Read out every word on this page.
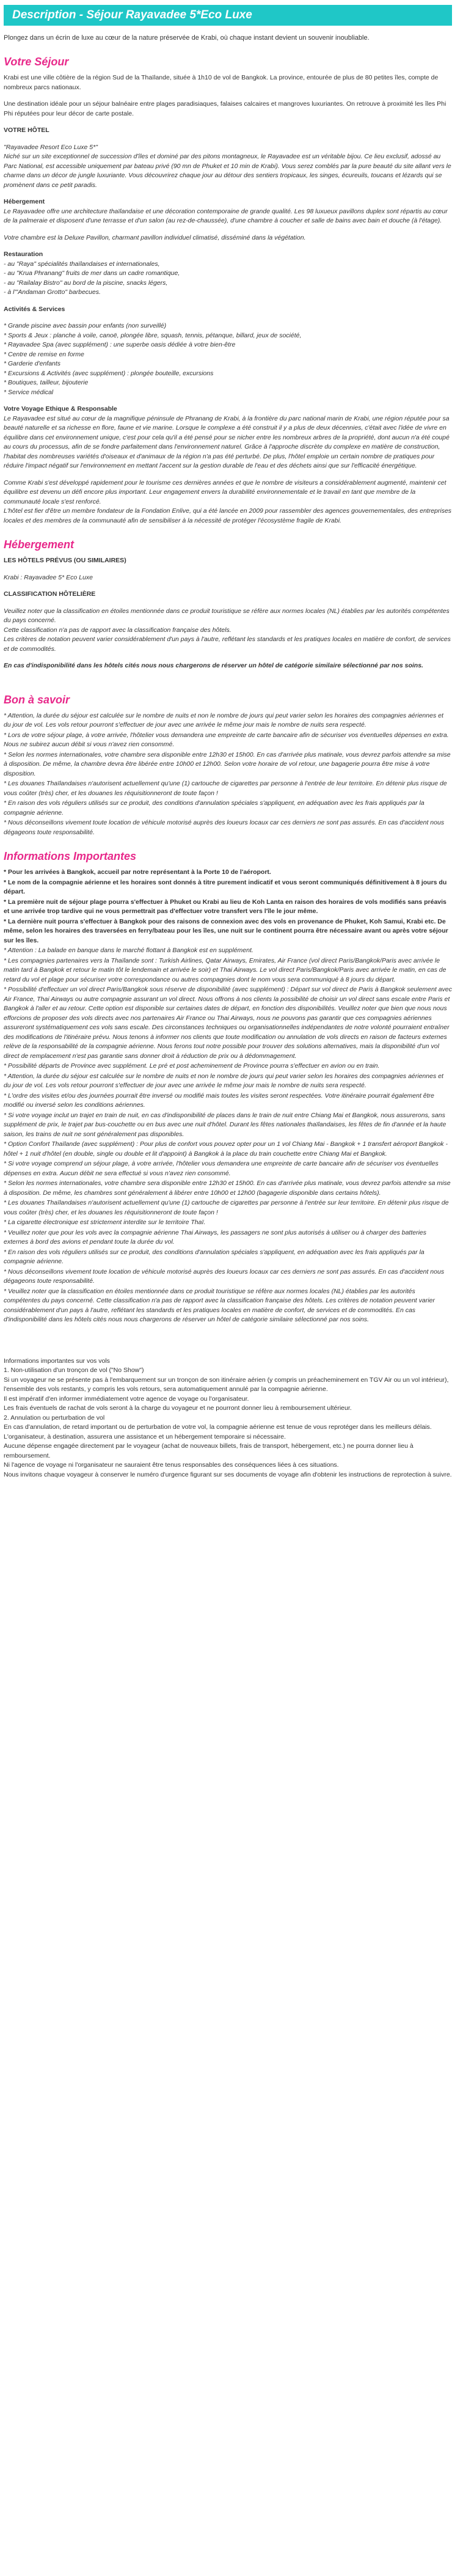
Description - Séjour Rayavadee 5*Eco Luxe

Plongez dans un écrin de luxe au cœur de la nature préservée de Krabi, où chaque instant devient un souvenir inoubliable.

Votre Séjour

Krabi est une ville côtière de la région Sud de la Thaïlande, située à 1h10 de vol de Bangkok. La province, entourée de plus de 80 petites îles, compte de nombreux parcs nationaux.

Une destination idéale pour un séjour balnéaire entre plages paradisiaques, falaises calcaires et mangroves luxuriantes. On retrouve à proximité les îles Phi Phi réputées pour leur décor de carte postale.

VOTRE HÔTEL

"Rayavadee Resort Eco Luxe 5*"

Niché sur un site exceptionnel de succession d'îles et dominé par des pitons montagneux, le Rayavadee est un véritable bijou. Ce lieu exclusif, adossé au Parc National, est accessible uniquement par bateau privé (90 mn de Phuket et 10 min de Krabi). Vous serez comblés par la pure beauté du site allant vers le charme dans un décor de jungle luxuriante. Vous découvrirez chaque jour au détour des sentiers tropicaux, les singes, écureuils, toucans et lézards qui se promènent dans ce petit paradis.

Hébergement

Le Rayavadee offre une architecture thaïlandaise et une décoration contemporaine de grande qualité. Les 98 luxueux pavillons duplex sont répartis au cœur de la palmeraie et disposent d'une terrasse et d'un salon (au rez-de-chaussée), d'une chambre à coucher et salle de bains avec bain et douche (à l'étage).

Votre chambre est la Deluxe Pavillon, charmant pavillon individuel climatisé, disséminé dans la végétation.

Restauration

- au "Raya" spécialités thaïlandaises et internationales,
- au "Krua Phranang" fruits de mer dans un cadre romantique,
- au "Railalay Bistro" au bord de la piscine, snacks légers,
- à l'"Andaman Grotto" barbecues.

Activités & Services

* Grande piscine avec bassin pour enfants (non surveillé)
* Sports & Jeux : planche à voile, canoë, plongée libre, squash, tennis, pétanque, billard, jeux de société,
* Rayavadee Spa (avec supplément) : une superbe oasis dédiée à votre bien-être
* Centre de remise en forme
* Garderie d'enfants
* Excursions & Activités (avec supplément) : plongée bouteille, excursions
* Boutiques, tailleur, bijouterie
* Service médical

Votre Voyage Ethique & Responsable

Le Rayavadee est situé au cœur de la magnifique péninsule de Phranang de Krabi, à la frontière du parc national marin de Krabi, une région réputée pour sa beauté naturelle et sa richesse en flore, faune et vie marine. Lorsque le complexe a été construit il y a plus de deux décennies, c'était avec l'idée de vivre en équilibre dans cet environnement unique, c'est pour cela qu'il a été pensé pour se nicher entre les nombreux arbres de la propriété, dont aucun n'a été coupé au cours du processus, afin de se fondre parfaitement dans l'environnement naturel. Grâce à l'approche discrète du complexe en matière de construction, l'habitat des nombreuses variétés d'oiseaux et d'animaux de la région n'a pas été perturbé. De plus, l'hôtel emploie un certain nombre de pratiques pour réduire l'impact négatif sur l'environnement en mettant l'accent sur la gestion durable de l'eau et des déchets ainsi que sur l'efficacité énergétique.

Comme Krabi s'est développé rapidement pour le tourisme ces dernières années et que le nombre de visiteurs a considérablement augmenté, maintenir cet équilibre est devenu un défi encore plus important. Leur engagement envers la durabilité environnementale et le travail en tant que membre de la communauté locale s'est renforcé.

L'hôtel est fier d'être un membre fondateur de la Fondation Enlive, qui a été lancée en 2009 pour rassembler des agences gouvernementales, des entreprises locales et des membres de la communauté afin de sensibiliser à la nécessité de protéger l'écosystème fragile de Krabi.

Hébergement

LES HÔTELS PRÉVUS (OU SIMILAIRES)

Krabi : Rayavadee 5* Eco Luxe

CLASSIFICATION HÔTELIÈRE

Veuillez noter que la classification en étoiles mentionnée dans ce produit touristique se réfère aux normes locales (NL) établies par les autorités compétentes du pays concerné.

Cette classification n'a pas de rapport avec la classification française des hôtels.

Les critères de notation peuvent varier considérablement d'un pays à l'autre, reflétant les standards et les pratiques locales en matière de confort, de services et de commodités.

En cas d'indisponibilité dans les hôtels cités nous nous chargerons de réserver un hôtel de catégorie similaire sélectionné par nos soins.

Bon à savoir
* Attention, la durée du séjour est calculée sur le nombre de nuits et non le nombre de jours qui peut varier selon les horaires des compagnies aériennes et du jour de vol. Les vols retour pourront s'effectuer de jour avec une arrivée le même jour mais le nombre de nuits sera respecté.
* Lors de votre séjour plage, à votre arrivée, l'hôtelier vous demandera une empreinte de carte bancaire afin de sécuriser vos éventuelles dépenses en extra. Nous ne subirez aucun débit si vous n'avez rien consommé.
* Selon les normes internationales, votre chambre sera disponible entre 12h30 et 15h00. En cas d'arrivée plus matinale, vous devrez parfois attendre sa mise à disposition. De même, la chambre devra être libérée entre 10h00 et 12h00. Selon votre horaire de vol retour, une bagagerie pourra être mise à votre disposition.
* Les douanes Thaïlandaises n'autorisent actuellement qu'une (1) cartouche de cigarettes par personne à l'entrée de leur territoire. En détenir plus risque de vous coûter (très) cher, et les douanes les réquisitionneront de toute façon !
* En raison des vols réguliers utilisés sur ce produit, des conditions d'annulation spéciales s'appliquent, en adéquation avec les frais appliqués par la compagnie aérienne.
* Nous déconseillons vivement toute location de véhicule motorisé auprès des loueurs locaux car ces derniers ne sont pas assurés. En cas d'accident nous dégageons toute responsabilité.
Informations Importantes
* Pour les arrivées à Bangkok, accueil par notre représentant à la Porte 10 de l'aéroport.
* Le nom de la compagnie aérienne et les horaires sont donnés à titre purement indicatif et vous seront communiqués définitivement à 8 jours du départ.
* La première nuit de séjour plage pourra s'effectuer à Phuket ou Krabi au lieu de Koh Lanta en raison des horaires de vols modifiés sans préavis et une arrivée trop tardive qui ne vous permettrait pas d'effectuer votre transfert vers l'île le jour même.
* La dernière nuit pourra s'effectuer à Bangkok pour des raisons de connexion avec des vols en provenance de Phuket, Koh Samui, Krabi etc. De même, selon les horaires des traversées en ferry/bateau pour les îles, une nuit sur le continent pourra être nécessaire avant ou après votre séjour sur les îles.
* Attention : La balade en banque dans le marché flottant à Bangkok est en supplément.
* Les compagnies partenaires vers la Thaïlande sont : Turkish Airlines, Qatar Airways, Emirates, Air France (vol direct Paris/Bangkok/Paris avec arrivée le matin tard à Bangkok et retour le matin tôt le lendemain et arrivée le soir) et Thai Airways. Le vol direct Paris/Bangkok/Paris avec arrivée le matin, en cas de retard du vol et plage pour sécuriser votre correspondance ou autres compagnies dont le nom vous sera communiqué à 8 jours du départ.
* Possibilité d'effectuer un vol direct Paris/Bangkok sous réserve de disponibilité (avec supplément) : Départ sur vol direct de Paris à Bangkok seulement avec Air France, Thai Airways ou autre compagnie assurant un vol direct. Nous offrons à nos clients la possibilité de choisir un vol direct sans escale entre Paris et Bangkok à l'aller et au retour. Cette option est disponible sur certaines dates de départ, en fonction des disponibilités. Veuillez noter que bien que nous nous efforcions de proposer des vols directs avec nos partenaires Air France ou Thai Airways, nous ne pouvons pas garantir que ces compagnies aériennes assureront systématiquement ces vols sans escale. Des circonstances techniques ou organisationnelles indépendantes de notre volonté pourraient entraîner des modifications de l'itinéraire prévu. Nous tenons à informer nos clients que toute modification ou annulation de vols directs en raison de facteurs externes relève de la responsabilité de la compagnie aérienne. Nous ferons tout notre possible pour trouver des solutions alternatives, mais la disponibilité d'un vol direct de remplacement n'est pas garantie sans donner droit à réduction de prix ou à dédommagement.
* Possibilité départs de Province avec supplément. Le pré et post acheminement de Province pourra s'effectuer en avion ou en train.
* Attention, la durée du séjour est calculée sur le nombre de nuits et non le nombre de jours qui peut varier selon les horaires des compagnies aériennes et du jour de vol. Les vols retour pourront s'effectuer de jour avec une arrivée le même jour mais le nombre de nuits sera respecté.
* L'ordre des visites et/ou des journées pourrait être inversé ou modifié mais toutes les visites seront respectées. Votre itinéraire pourrait également être modifié ou inversé selon les conditions aériennes.
* Si votre voyage inclut un trajet en train de nuit, en cas d'indisponibilité de places dans le train de nuit entre Chiang Mai et Bangkok, nous assurerons, sans supplément de prix, le trajet par bus-couchette ou en bus avec une nuit d'hôtel. Durant les fêtes nationales thaïlandaises, les fêtes de fin d'année et la haute saison, les trains de nuit ne sont généralement pas disponibles.
* Option Confort Thaïlande (avec supplément) : Pour plus de confort vous pouvez opter pour un 1 vol Chiang Mai - Bangkok + 1 transfert aéroport Bangkok - hôtel + 1 nuit d'hôtel (en double, single ou double et lit d'appoint) à Bangkok à la place du train couchette entre Chiang Mai et Bangkok.
* Si votre voyage comprend un séjour plage, à votre arrivée, l'hôtelier vous demandera une empreinte de carte bancaire afin de sécuriser vos éventuelles dépenses en extra. Aucun débit ne sera effectué si vous n'avez rien consommé.
* Selon les normes internationales, votre chambre sera disponible entre 12h30 et 15h00. En cas d'arrivée plus matinale, vous devrez parfois attendre sa mise à disposition. De même, les chambres sont généralement à libérer entre 10h00 et 12h00 (bagagerie disponible dans certains hôtels).
* Les douanes Thaïlandaises n'autorisent actuellement qu'une (1) cartouche de cigarettes par personne à l'entrée sur leur territoire. En détenir plus risque de vous coûter (très) cher, et les douanes les réquisitionneront de toute façon !
* La cigarette électronique est strictement interdite sur le territoire Thaï.
* Veuillez noter que pour les vols avec la compagnie aérienne Thai Airways, les passagers ne sont plus autorisés à utiliser ou à charger des batteries externes à bord des avions et pendant toute la durée du vol.
* En raison des vols réguliers utilisés sur ce produit, des conditions d'annulation spéciales s'appliquent, en adéquation avec les frais appliqués par la compagnie aérienne.
* Nous déconseillons vivement toute location de véhicule motorisé auprès des loueurs locaux car ces derniers ne sont pas assurés. En cas d'accident nous dégageons toute responsabilité.
* Veuillez noter que la classification en étoiles mentionnée dans ce produit touristique se réfère aux normes locales (NL) établies par les autorités compétentes du pays concerné. Cette classification n'a pas de rapport avec la classification française des hôtels. Les critères de notation peuvent varier considérablement d'un pays à l'autre, reflétant les standards et les pratiques locales en matière de confort, de services et de commodités. En cas d'indisponibilité dans les hôtels cités nous nous chargerons de réserver un hôtel de catégorie similaire sélectionné par nos soins.

Informations importantes sur vos vols

1. Non-utilisation d'un tronçon de vol ("No Show")

Si un voyageur ne se présente pas à l'embarquement sur un tronçon de son itinéraire aérien (y compris un préacheminement en TGV Air ou un vol intérieur), l'ensemble des vols restants, y compris les vols retours, sera automatiquement annulé par la compagnie aérienne.

Il est impératif d'en informer immédiatement votre agence de voyage ou l'organisateur.

Les frais éventuels de rachat de vols seront à la charge du voyageur et ne pourront donner lieu à remboursement ultérieur.

2. Annulation ou perturbation de vol

En cas d'annulation, de retard important ou de perturbation de votre vol, la compagnie aérienne est tenue de vous reprotéger dans les meilleurs délais.

L'organisateur, à destination, assurera une assistance et un hébergement temporaire si nécessaire.

Aucune dépense engagée directement par le voyageur (achat de nouveaux billets, frais de transport, hébergement, etc.) ne pourra donner lieu à remboursement.

Ni l'agence de voyage ni l'organisateur ne sauraient être tenus responsables des conséquences liées à ces situations.

Nous invitons chaque voyageur à conserver le numéro d'urgence figurant sur ses documents de voyage afin d'obtenir les instructions de reprotection à suivre.
